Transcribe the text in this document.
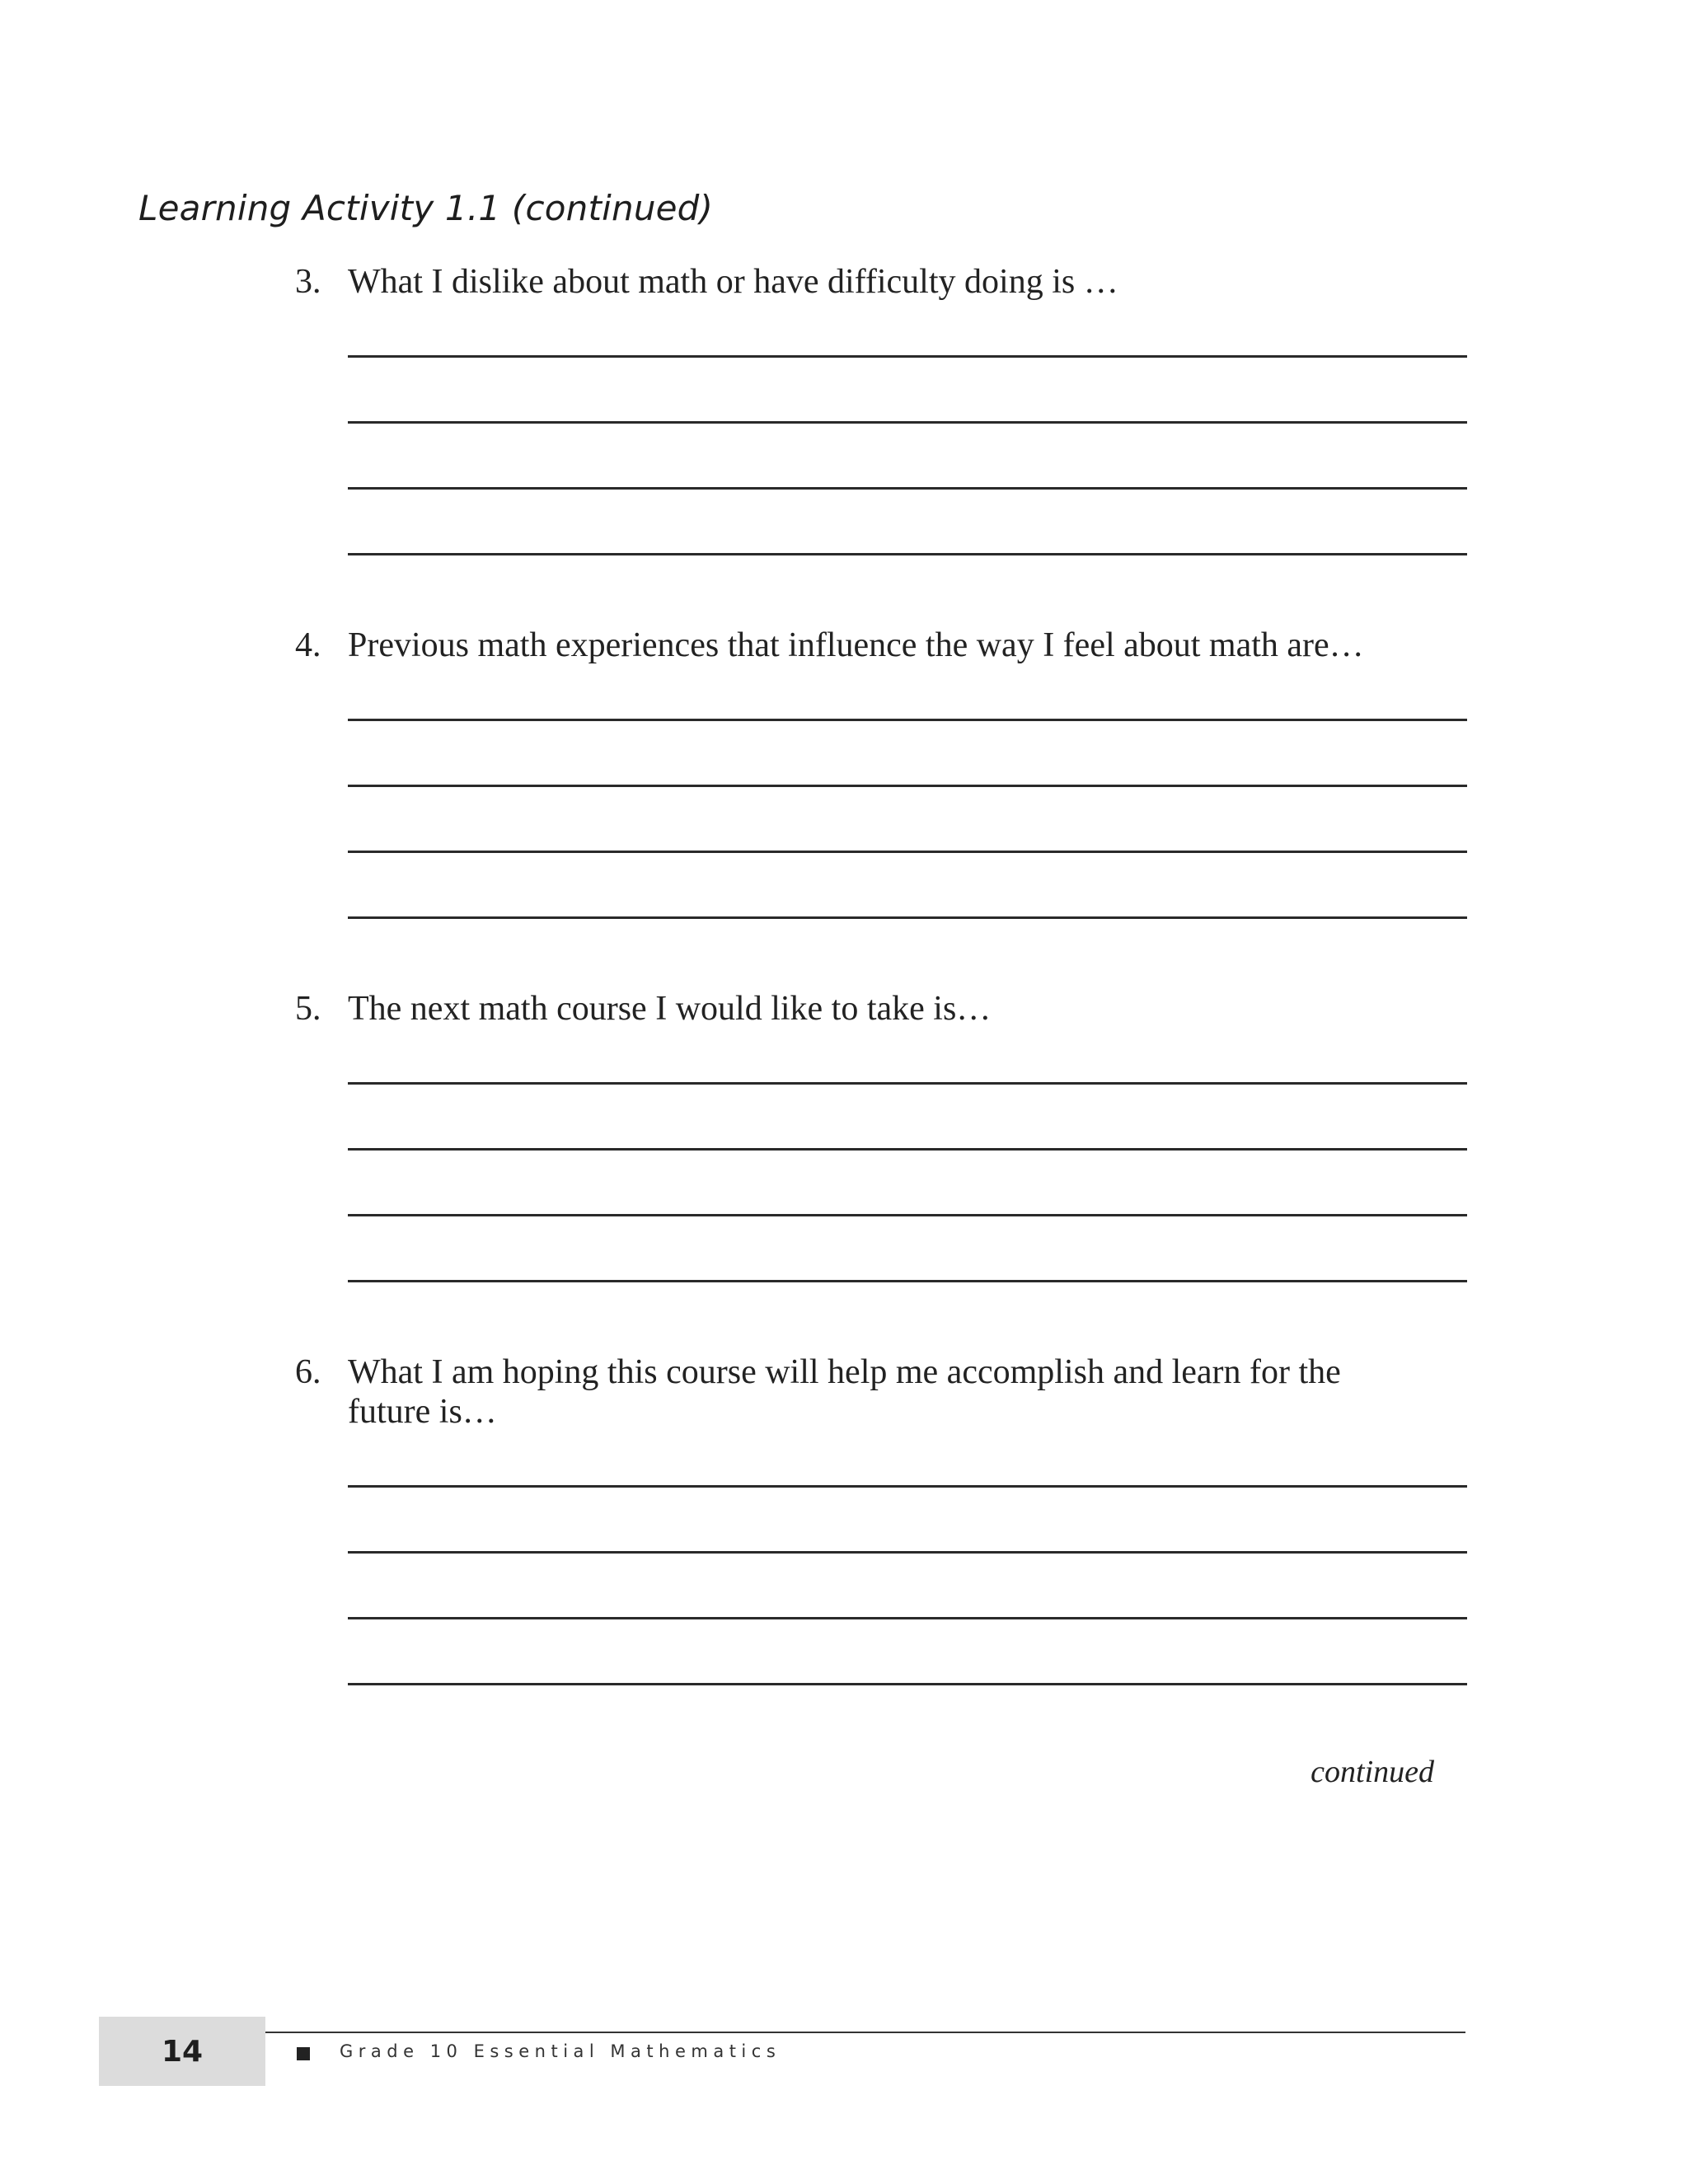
Learning Activity 1.1 (continued)
3. What I dislike about math or have difficulty doing is …
4. Previous math experiences that influence the way I feel about math are…
5. The next math course I would like to take is…
6. What I am hoping this course will help me accomplish and learn for the future is…
continued
14	Grade 10 Essential Mathematics
